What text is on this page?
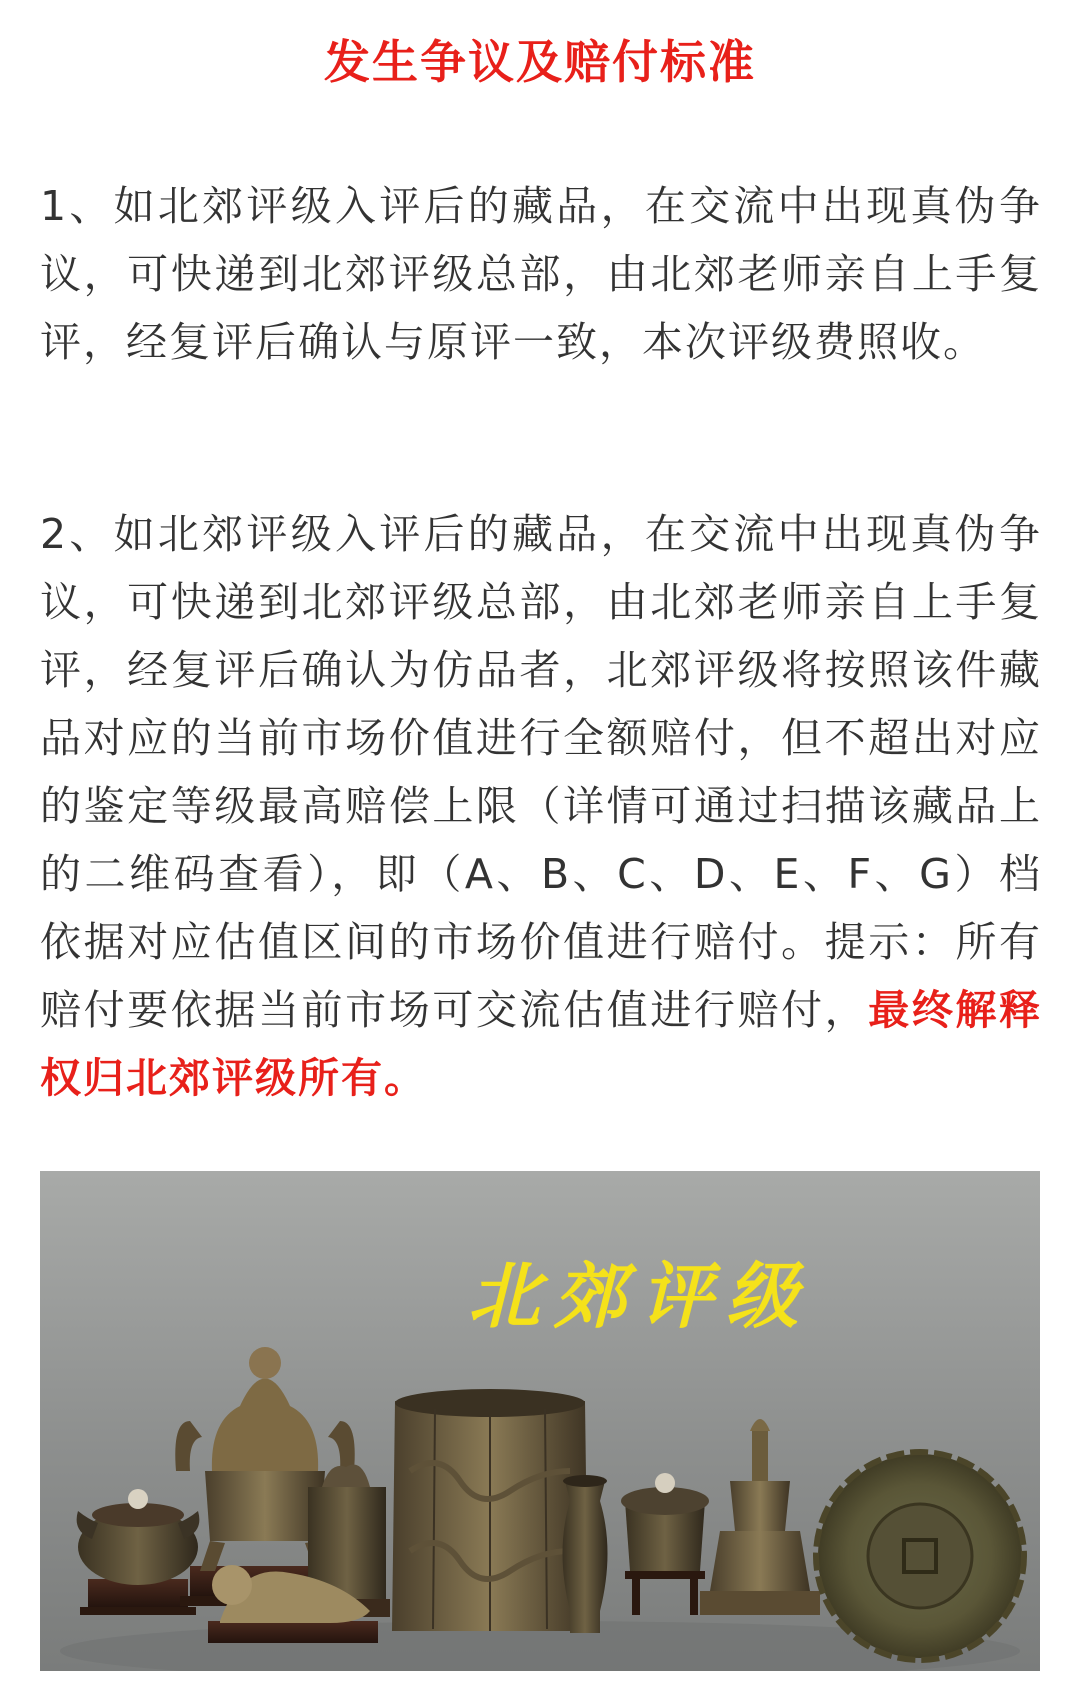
发生争议及赔付标准
1、如北郊评级入评后的藏品，在交流中出现真伪争议，可快递到北郊评级总部，由北郊老师亲自上手复评，经复评后确认与原评一致，本次评级费照收。
2、如北郊评级入评后的藏品，在交流中出现真伪争议，可快递到北郊评级总部，由北郊老师亲自上手复评，经复评后确认为仿品者，北郊评级将按照该件藏品对应的当前市场价值进行全额赔付，但不超出对应的鉴定等级最高赔偿上限（详情可通过扫描该藏品上的二维码查看），即（A、B、C、D、E、F、G）档依据对应估值区间的市场价值进行赔付。提示：所有赔付要依据当前市场可交流估值进行赔付，最终解释权归北郊评级所有。
北郊评级
